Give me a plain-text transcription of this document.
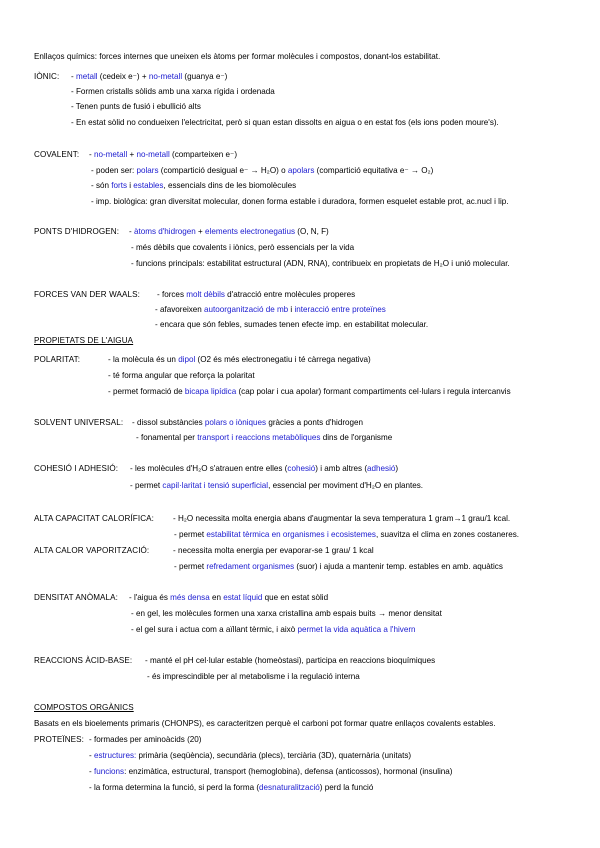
Enllaços químics: forces internes que uneixen els àtoms per formar molècules i compostos, donant-los estabilitat.
IÒNIC: - metall (cedeix e⁻) + no-metall (guanya e⁻)
- Formen cristalls sòlids amb una xarxa rígida i ordenada
- Tenen punts de fusió i ebullició alts
- En estat sòlid no condueixen l'electricitat, però si quan estan dissolts en aigua o en estat fos (els ions poden moure's).
COVALENT: - no-metall + no-metall (comparteixen e⁻)
- poden ser: polars (compartició desigual e⁻ → H₂O) o apolars (compartició equitativa e⁻ → O₂)
- són forts i estables, essencials dins de les biomolècules
- imp. biològica: gran diversitat molecular, donen forma estable i duradora, formen esquelet estable prot, ac.nucl i lip.
PONTS D'HIDROGEN: - àtoms d'hidrogen + elements electronegatius (O, N, F)
- més dèbils que covalents i iònics, però essencials per la vida
- funcions principals: estabilitat estructural (ADN, RNA), contribueix en propietats de H₂O i unió molecular.
FORCES VAN DER WAALS: - forces molt dèbils d'atracció entre molècules properes
- afavoreixen autoorganització de mb i interacció entre proteïnes
- encara que són febles, sumades tenen efecte imp. en estabilitat molecular.
PROPIETATS DE L'AIGUA
POLARITAT:	- la molècula és un dipol (O2 és més electronegatiu i té càrrega negativa)
- té forma angular que reforça la polaritat
- permet formació de bicapa lipídica (cap polar i cua apolar) formant compartiments cel·lulars i regula intercanvis
SOLVENT UNIVERSAL: - dissol substàncies polars o iòniques gràcies a ponts d'hidrogen
- fonamental per transport i reaccions metabòliques dins de l'organisme
COHESIÓ I ADHESIÓ: - les molècules d'H₂O s'atrauen entre elles (cohesió) i amb altres (adhesió)
- permet capil·laritat i tensió superficial, essencial per moviment d'H₂O en plantes.
ALTA CAPACITAT CALORÍFICA: - H₂O necessita molta energia abans d'augmentar la seva temperatura 1 gram→1 grau/1 kcal.
- permet estabilitat tèrmica en organismes i ecosistemes, suavitza el clima en zones costaneres.
ALTA CALOR VAPORITZACIÓ:	- necessita molta energia per evaporar-se 1 grau/ 1 kcal
- permet refredament organismes (suor) i ajuda a mantenir temp. estables en amb. aquàtics
DENSITAT ANÒMALA: - l'aigua és més densa en estat líquid que en estat sòlid
- en gel, les molècules formen una xarxa cristallina amb espais buits → menor densitat
- el gel sura i actua com a aïllant tèrmic, i això permet la vida aquàtica a l'hivern
REACCIONS ÀCID-BASE: - manté el pH cel·lular estable (homeòstasi), participa en reaccions bioquímiques
- és imprescindible per al metabolisme i la regulació interna
COMPOSTOS ORGÀNICS
Basats en els bioelements primaris (CHONPS), es caracteritzen perquè el carboni pot formar quatre enllaços covalents estables.
PROTEÏNES: - formades per aminoàcids (20)
- estructures: primària (seqüència), secundària (plecs), terciària (3D), quaternària (unitats)
- funcions: enzimàtica, estructural, transport (hemoglobina), defensa (anticossos), hormonal (insulina)
- la forma determina la funció, si perd la forma (desnaturalització) perd la funció
